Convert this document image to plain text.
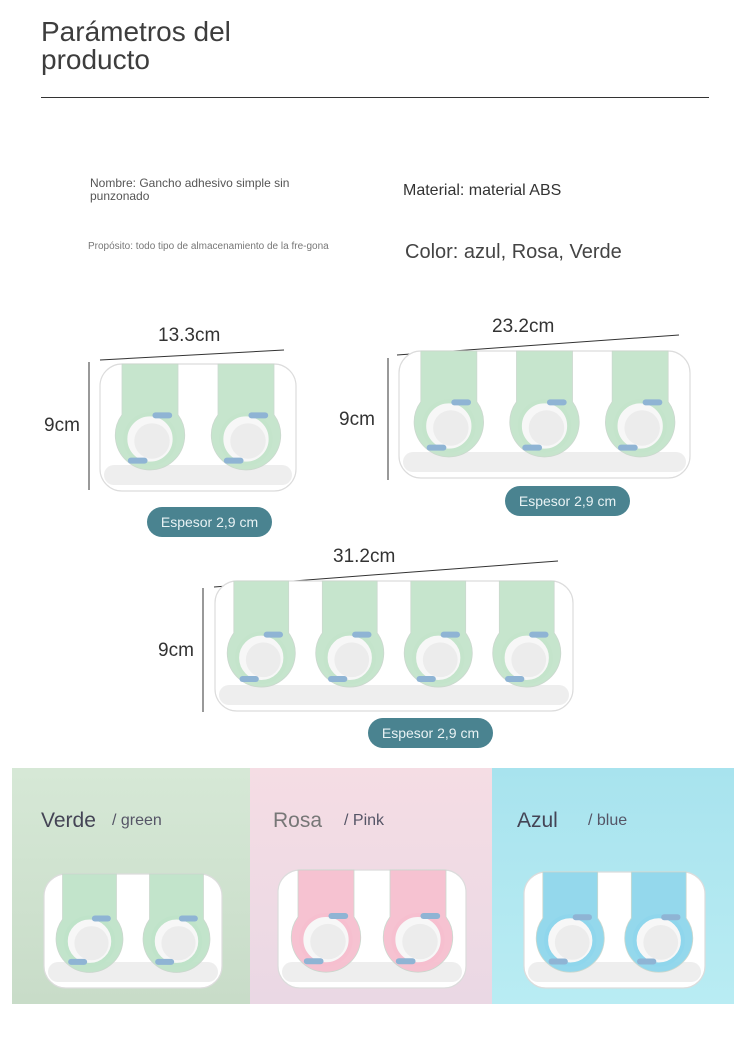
Parámetros del
producto
Nombre: Gancho adhesivo simple sin punzonado	Material: material ABS
Propósito: todo tipo de almacenamiento de la fre-gona	Color: azul, Rosa, Verde
13.3cm
9cm
Espesor 2,9 cm
23.2cm
9cm
Espesor 2,9 cm
31.2cm
9cm
Espesor 2,9 cm
Verde / green	Rosa / Pink	Azul / blue
